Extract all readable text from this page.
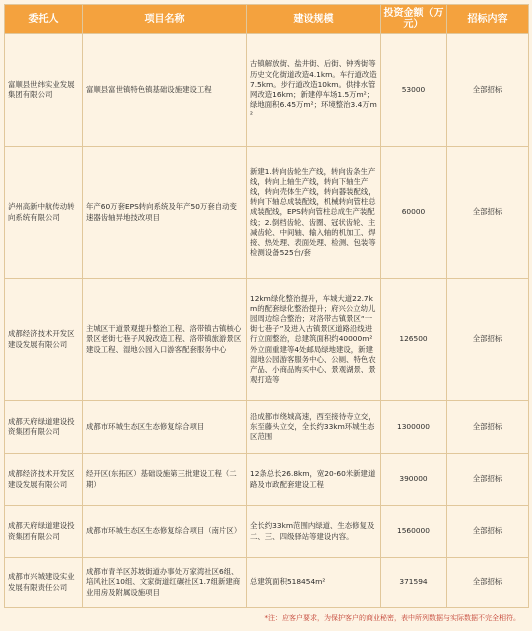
委托人	项目名称	建设规模	投资金额（万元）	招标内容
富顺县世纬实业发展集团有限公司	富顺县富世镇特色镇基础设施建设工程	古镇解放街、盐井街、后街、钟秀街等历史文化街道改造4.1km。车行道改造7.5km。步行道改造10km。供排水管网改造16km；新建停车场1.5万m²；绿地面积6.45万m²；环境整治3.4万m²	53000	全部招标
泸州高新中航传动转向系统有限公司	年产60万套EPS转向系统及年产50万套自动变速器齿轴异地技改项目	新建1.转向齿轮生产线，转向齿条生产线，转向上轴生产线，转向下轴生产线，转向壳体生产线，转向器装配线，转向下轴总成装配线，机械转向管柱总成装配线，EPS转向管柱总成生产装配线；2.倒档齿轮、齿圈、冠状齿轮、主减齿轮、中间轴、输入轴的机加工、焊接、热处理、表面处理、检测、包装等检测设备525台/套	60000	全部招标
成都经济技术开发区建设发展有限公司	主城区干道景观提升整治工程、洛带镇古镇核心景区老街七巷子风貌改造工程、洛带镇旅游景区建设工程、湿地公园入口游客配套服务中心	12km绿化整治提升，车城大道22.7km的配套绿化整治提升；府兴公立幼儿园周边综合整治；对洛带古镇景区“一街七巷子”及进入古镇景区道路沿线进行立面整治，总建筑面积约40000m²外立面重建等4处邮局绿地建设，新建湿地公园游客服务中心、公厕、特色农产品、小商品购买中心、景观湖景、景观打造等	126500	全部招标
成都天府绿道建设投资集团有限公司	成都市环城生态区生态修复综合项目	沿成都市绕城高速，西至接待寺立交，东至藤头立交，全长约33km环城生态区范围	1300000	全部招标
成都经济技术开发区建设发展有限公司	经开区(东拓区）基础设施第三批建设工程（二期）	12条总长26.8km，宽20-60米新建道路及市政配套建设工程	390000	全部招标
成都天府绿道建设投资集团有限公司	成都市环城生态区生态修复综合项目（南片区）	全长约33km范围内绿道、生态修复及二、三、四级驿站等建设内容。	1560000	全部招标
成都市兴城建设实业发展有限责任公司	成都市青羊区苏坡街道办事处万家湾社区6组、培风社区10组、文家街道红碾社区1.7组新建商业用房及附属设施项目	总建筑面积518454m²	371594	全部招标
*注：应客户要求，为保护客户的商业秘密，表中所列数据与实际数据不完全相符。
